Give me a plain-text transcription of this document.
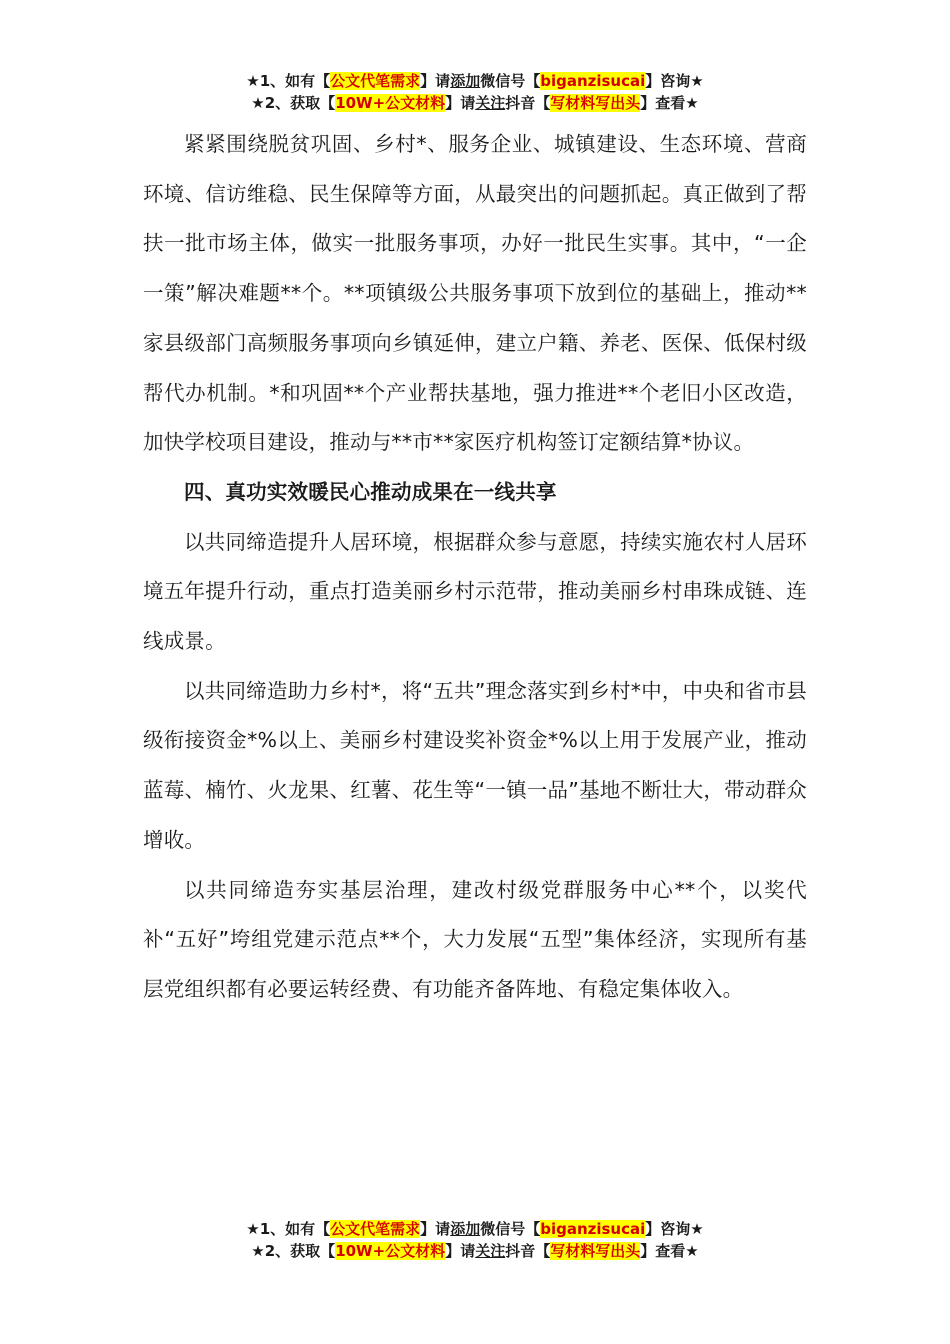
★1、如有【公文代笔需求】请添加微信号【biganzisucai】咨询★
★2、获取【10W+公文材料】请关注抖音【写材料写出头】查看★

紧紧围绕脱贫巩固、乡村*、服务企业、城镇建设、生态环境、营商环境、信访维稳、民生保障等方面，从最突出的问题抓起。真正做到了帮扶一批市场主体，做实一批服务事项，办好一批民生实事。其中，“一企一策”解决难题**个。**项镇级公共服务事项下放到位的基础上，推动**家县级部门高频服务事项向乡镇延伸，建立户籍、养老、医保、低保村级帮代办机制。*和巩固**个产业帮扶基地，强力推进**个老旧小区改造，加快学校项目建设，推动与**市**家医疗机构签订定额结算*协议。

四、真功实效暖民心推动成果在一线共享

以共同缔造提升人居环境，根据群众参与意愿，持续实施农村人居环境五年提升行动，重点打造美丽乡村示范带，推动美丽乡村串珠成链、连线成景。

以共同缔造助力乡村*，将“五共”理念落实到乡村*中，中央和省市县级衔接资金*%以上、美丽乡村建设奖补资金*%以上用于发展产业，推动蓝莓、楠竹、火龙果、红薯、花生等“一镇一品”基地不断壮大，带动群众增收。

以共同缔造夯实基层治理，建改村级党群服务中心**个，以奖代补“五好”垮组党建示范点**个，大力发展“五型”集体经济，实现所有基层党组织都有必要运转经费、有功能齐备阵地、有稳定集体收入。

★1、如有【公文代笔需求】请添加微信号【biganzisucai】咨询★
★2、获取【10W+公文材料】请关注抖音【写材料写出头】查看★
